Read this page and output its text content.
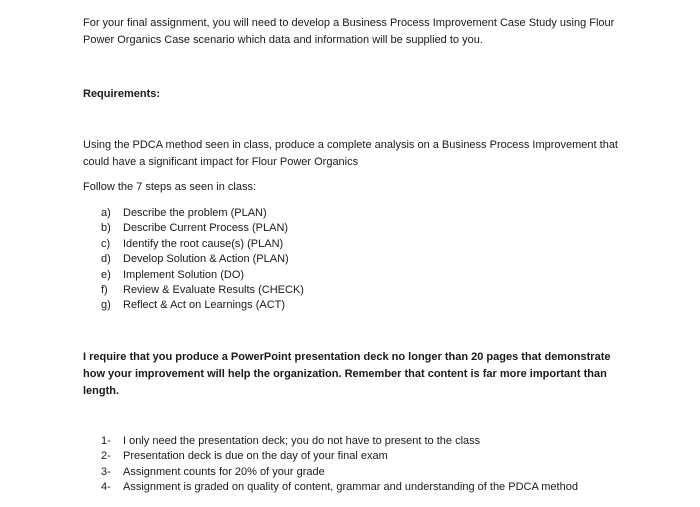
For your final assignment, you will need to develop a Business Process Improvement Case Study using Flour Power Organics Case scenario which data and information will be supplied to you.

Requirements:

Using the PDCA method seen in class, produce a complete analysis on a Business Process Improvement that could have a significant impact for Flour Power Organics

Follow the 7 steps as seen in class:

a)	Describe the problem (PLAN)
b)	Describe Current Process (PLAN)
c)	Identify the root cause(s) (PLAN)
d)	Develop Solution & Action (PLAN)
e)	Implement Solution (DO)
f)	Review & Evaluate Results (CHECK)
g)	Reflect & Act on Learnings (ACT)

I require that you produce a PowerPoint presentation deck no longer than 20 pages that demonstrate how your improvement will help the organization. Remember that content is far more important than length.

1-	I only need the presentation deck; you do not have to present to the class
2-	Presentation deck is due on the day of your final exam
3-	Assignment counts for 20% of your grade
4-	Assignment is graded on quality of content, grammar and understanding of the PDCA method
